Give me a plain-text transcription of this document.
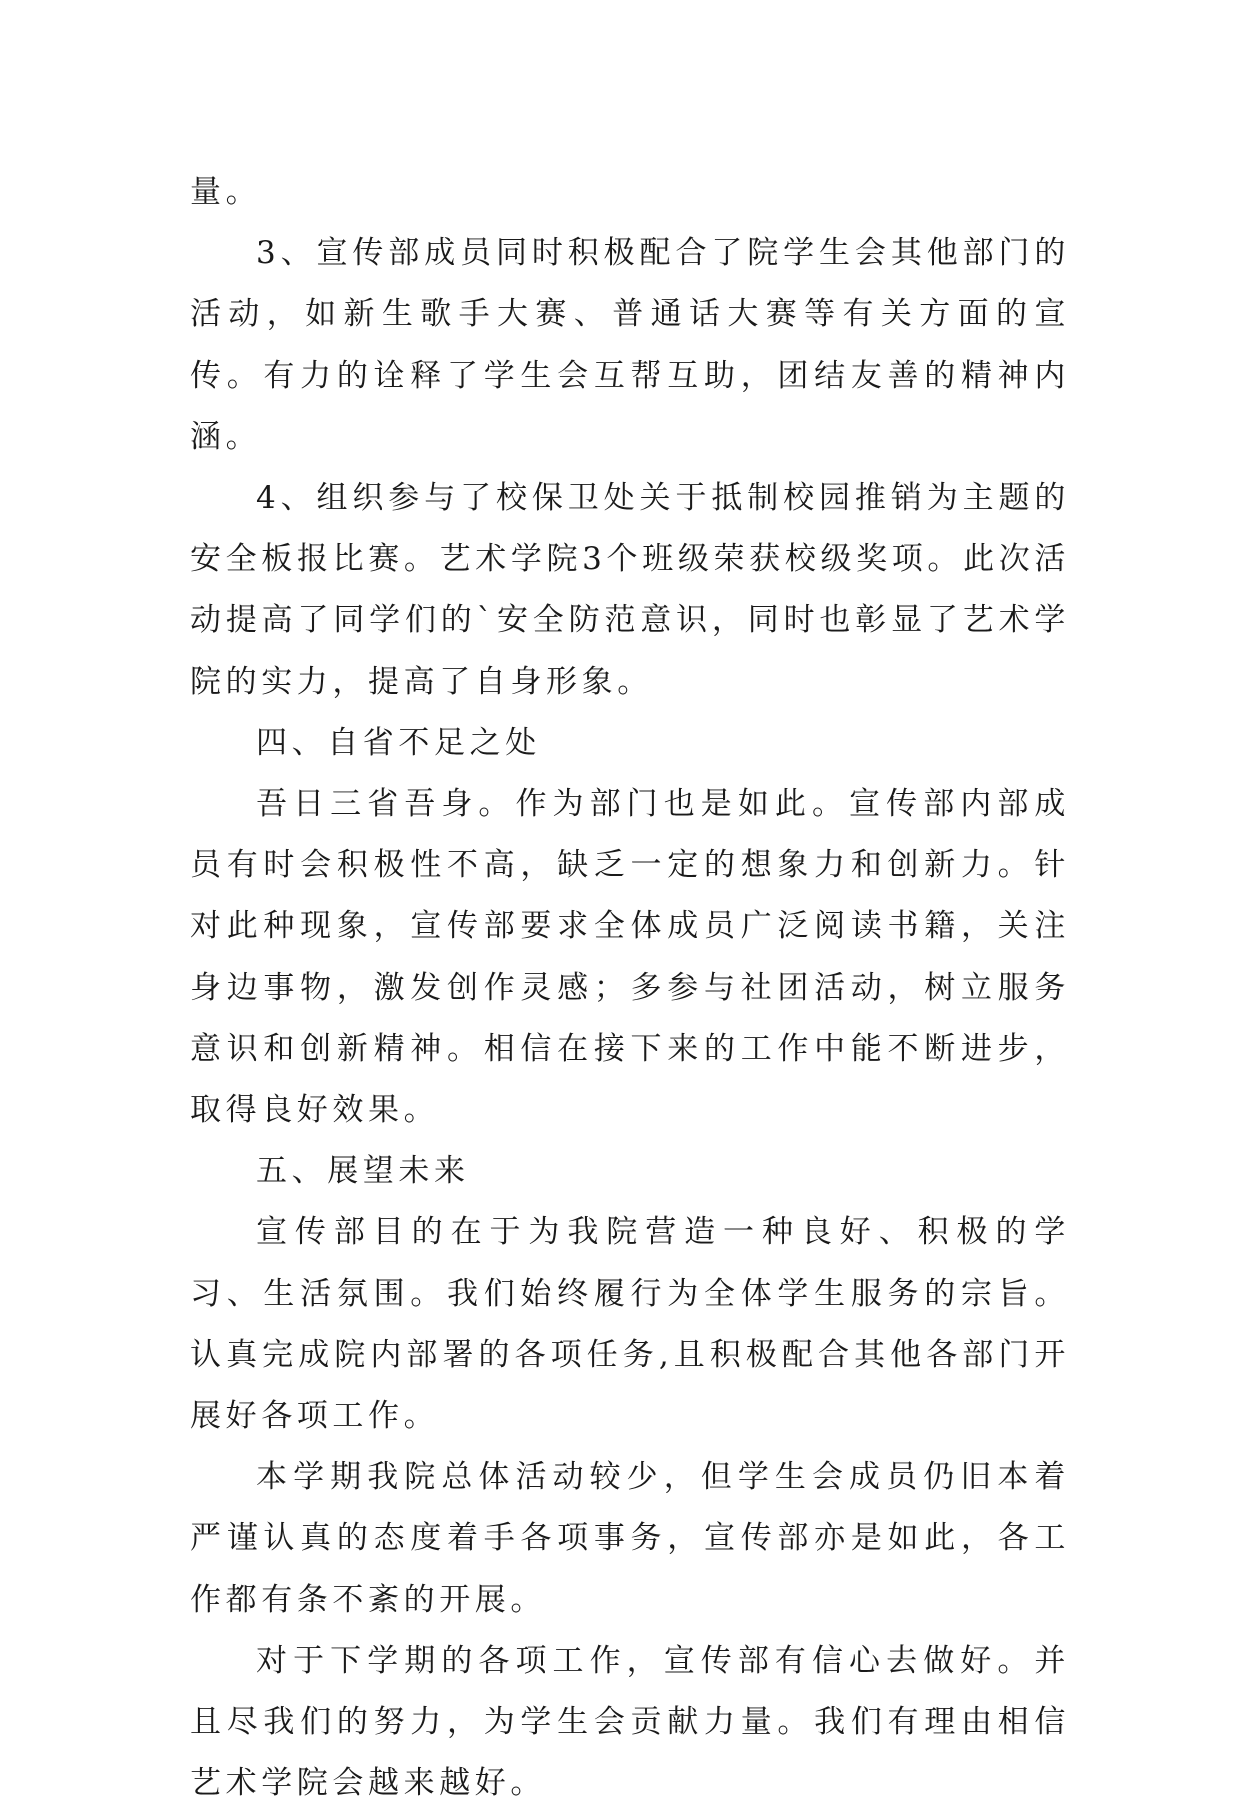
量。

3、宣传部成员同时积极配合了院学生会其他部门的活动，如新生歌手大赛、普通话大赛等有关方面的宣传。有力的诠释了学生会互帮互助，团结友善的精神内涵。

4、组织参与了校保卫处关于抵制校园推销为主题的安全板报比赛。艺术学院3个班级荣获校级奖项。此次活动提高了同学们的`安全防范意识，同时也彰显了艺术学院的实力，提高了自身形象。

四、自省不足之处

吾日三省吾身。作为部门也是如此。宣传部内部成员有时会积极性不高，缺乏一定的想象力和创新力。针对此种现象，宣传部要求全体成员广泛阅读书籍，关注身边事物，激发创作灵感；多参与社团活动，树立服务意识和创新精神。相信在接下来的工作中能不断进步，取得良好效果。

五、展望未来

宣传部目的在于为我院营造一种良好、积极的学习、生活氛围。我们始终履行为全体学生服务的宗旨。认真完成院内部署的各项任务,且积极配合其他各部门开展好各项工作。

本学期我院总体活动较少，但学生会成员仍旧本着严谨认真的态度着手各项事务，宣传部亦是如此，各工作都有条不紊的开展。

对于下学期的各项工作，宣传部有信心去做好。并且尽我们的努力，为学生会贡献力量。我们有理由相信艺术学院会越来越好。
